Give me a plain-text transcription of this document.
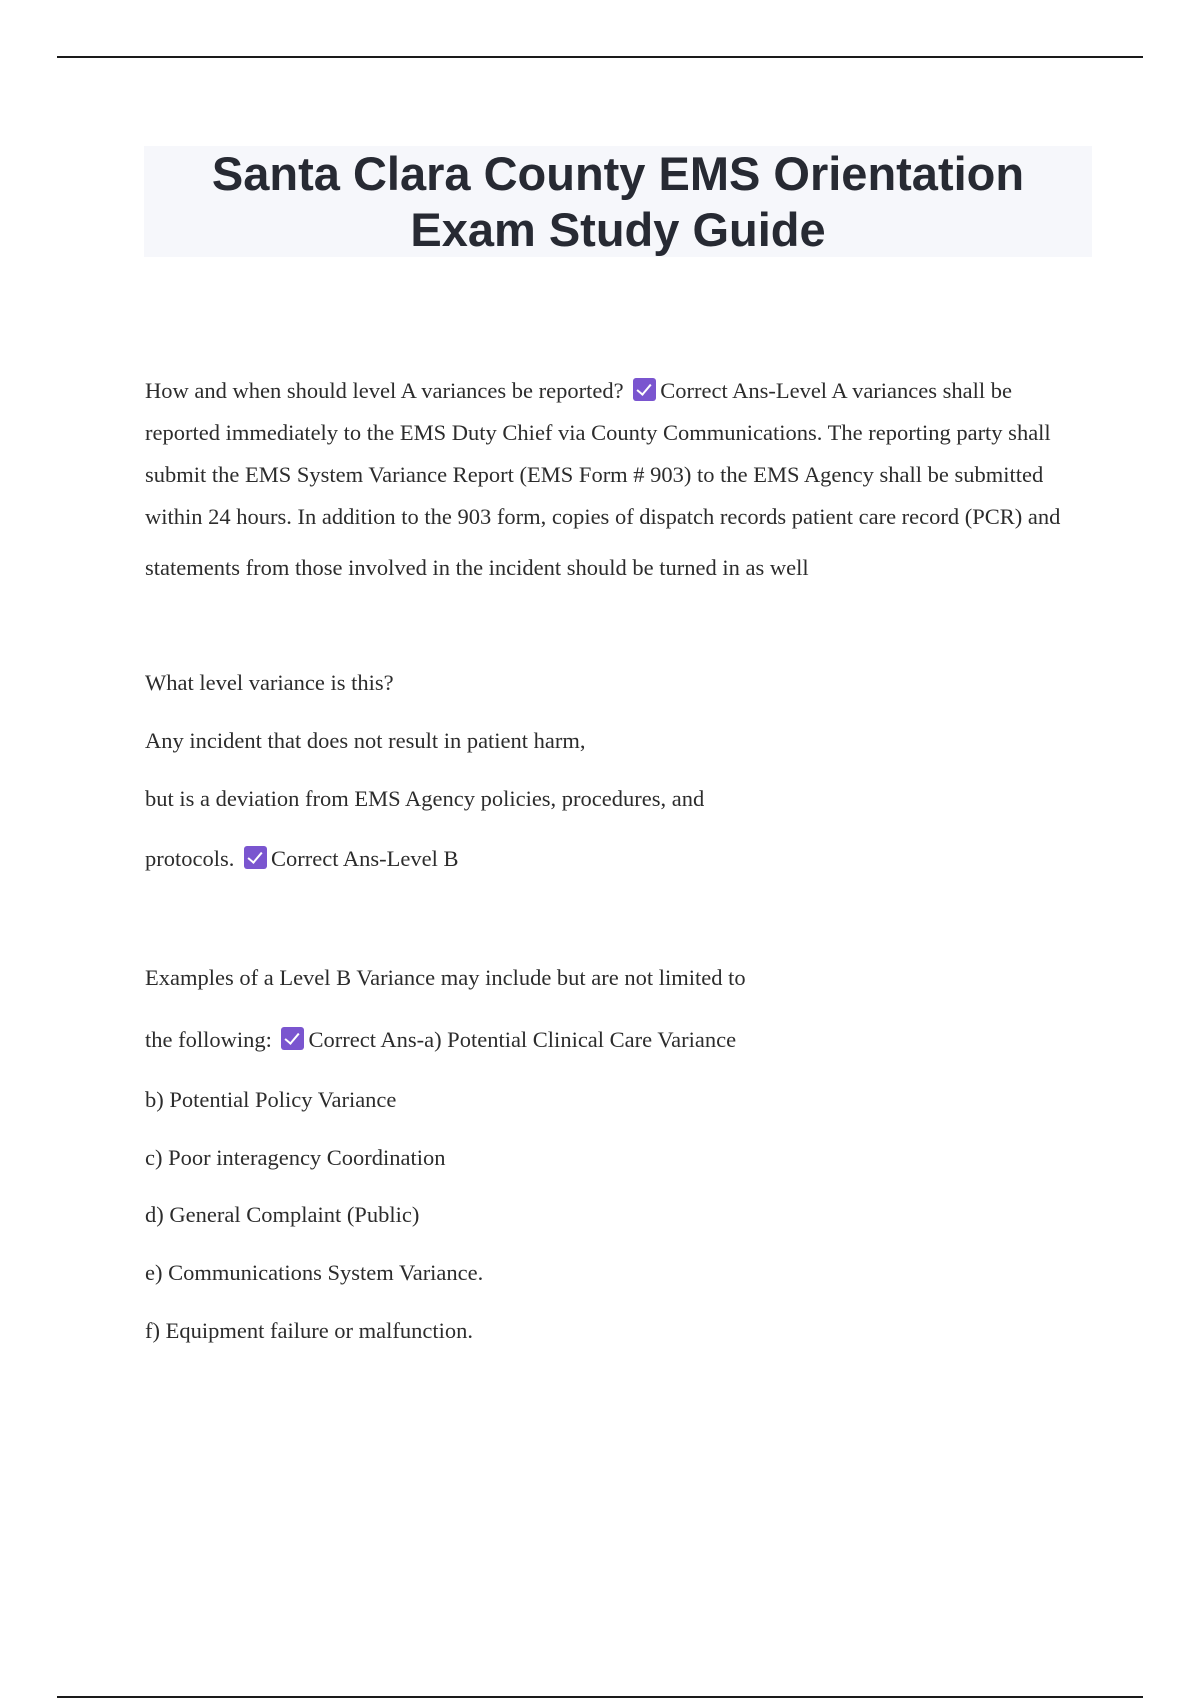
Santa Clara County EMS Orientation
Exam Study Guide

How and when should level A variances be reported? Correct Ans-Level A variances shall be reported immediately to the EMS Duty Chief via County Communications. The reporting party shall submit the EMS System Variance Report (EMS Form # 903) to the EMS Agency shall be submitted within 24 hours. In addition to the 903 form, copies of dispatch records patient care record (PCR) and

statements from those involved in the incident should be turned in as well

What level variance is this?

Any incident that does not result in patient harm,

but is a deviation from EMS Agency policies, procedures, and

protocols. Correct Ans-Level B

Examples of a Level B Variance may include but are not limited to

the following: Correct Ans-a) Potential Clinical Care Variance

b) Potential Policy Variance

c) Poor interagency Coordination

d) General Complaint (Public)

e) Communications System Variance.

f) Equipment failure or malfunction.
